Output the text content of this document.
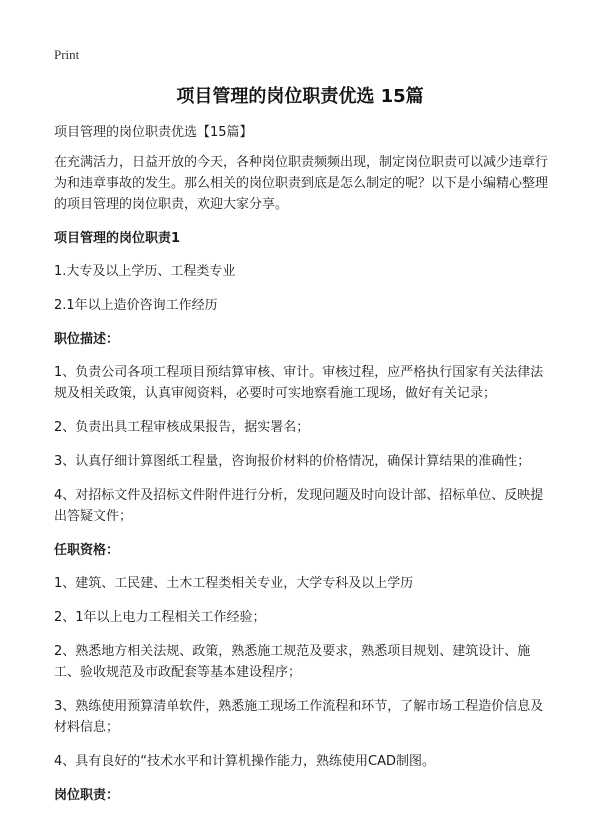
Print
项目管理的岗位职责优选 15篇

项目管理的岗位职责优选【15篇】

在充满活力，日益开放的今天，各种岗位职责频频出现，制定岗位职责可以减少违章行为和违章事故的发生。那么相关的岗位职责到底是怎么制定的呢？以下是小编精心整理的项目管理的岗位职责，欢迎大家分享。

项目管理的岗位职责1

1.大专及以上学历、工程类专业

2.1年以上造价咨询工作经历

职位描述：

1、负责公司各项工程项目预结算审核、审计。审核过程，应严格执行国家有关法律法规及相关政策，认真审阅资料，必要时可实地察看施工现场，做好有关记录；

2、负责出具工程审核成果报告，据实署名；

3、认真仔细计算图纸工程量，咨询报价材料的价格情况，确保计算结果的准确性；

4、对招标文件及招标文件附件进行分析，发现问题及时向设计部、招标单位、反映提出答疑文件；

任职资格：

1、建筑、工民建、土木工程类相关专业，大学专科及以上学历

2、1年以上电力工程相关工作经验；

2、熟悉地方相关法规、政策，熟悉施工规范及要求，熟悉项目规划、建筑设计、施工、验收规范及市政配套等基本建设程序；

3、熟练使用预算清单软件，熟悉施工现场工作流程和环节，了解市场工程造价信息及材料信息；

4、具有良好的“技术水平和计算机操作能力，熟练使用CAD制图。

岗位职责：
